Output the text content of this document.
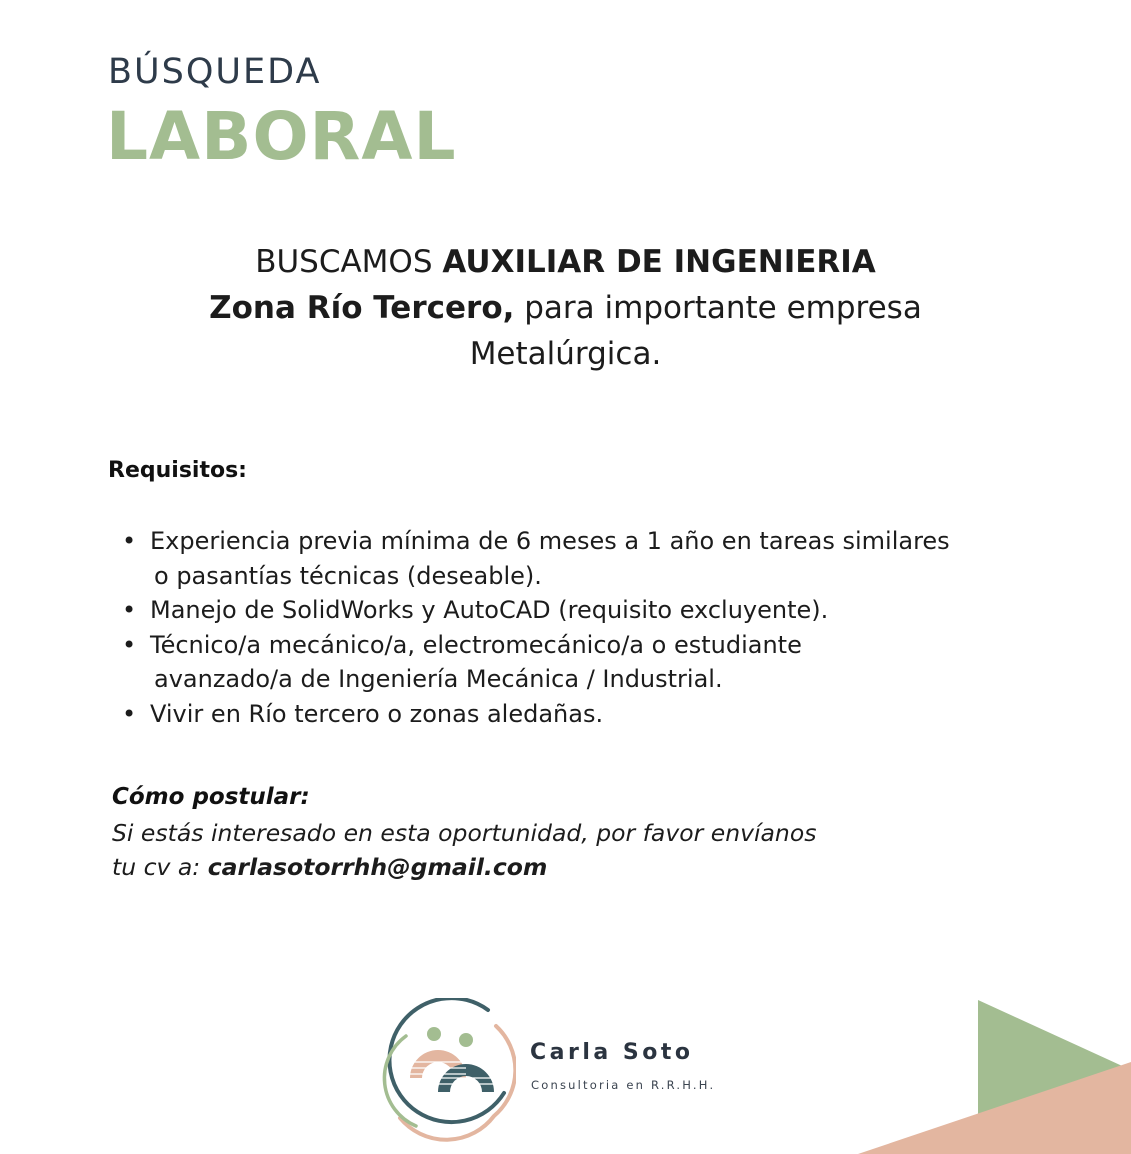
BÚSQUEDA
LABORAL
BUSCAMOS AUXILIAR DE INGENIERIA
Zona Río Tercero, para importante empresa
Metalúrgica.
Requisitos:
• Experiencia previa mínima de 6 meses a 1 año en tareas similares
o pasantías técnicas (deseable).
• Manejo de SolidWorks y AutoCAD (requisito excluyente).
• Técnico/a mecánico/a, electromecánico/a o estudiante
avanzado/a de Ingeniería Mecánica / Industrial.
• Vivir en Río tercero o zonas aledañas.
Cómo postular:
Si estás interesado en esta oportunidad, por favor envíanos
tu cv a: carlasotorrhh@gmail.com
Carla Soto
Consultoria en R.R.H.H.
